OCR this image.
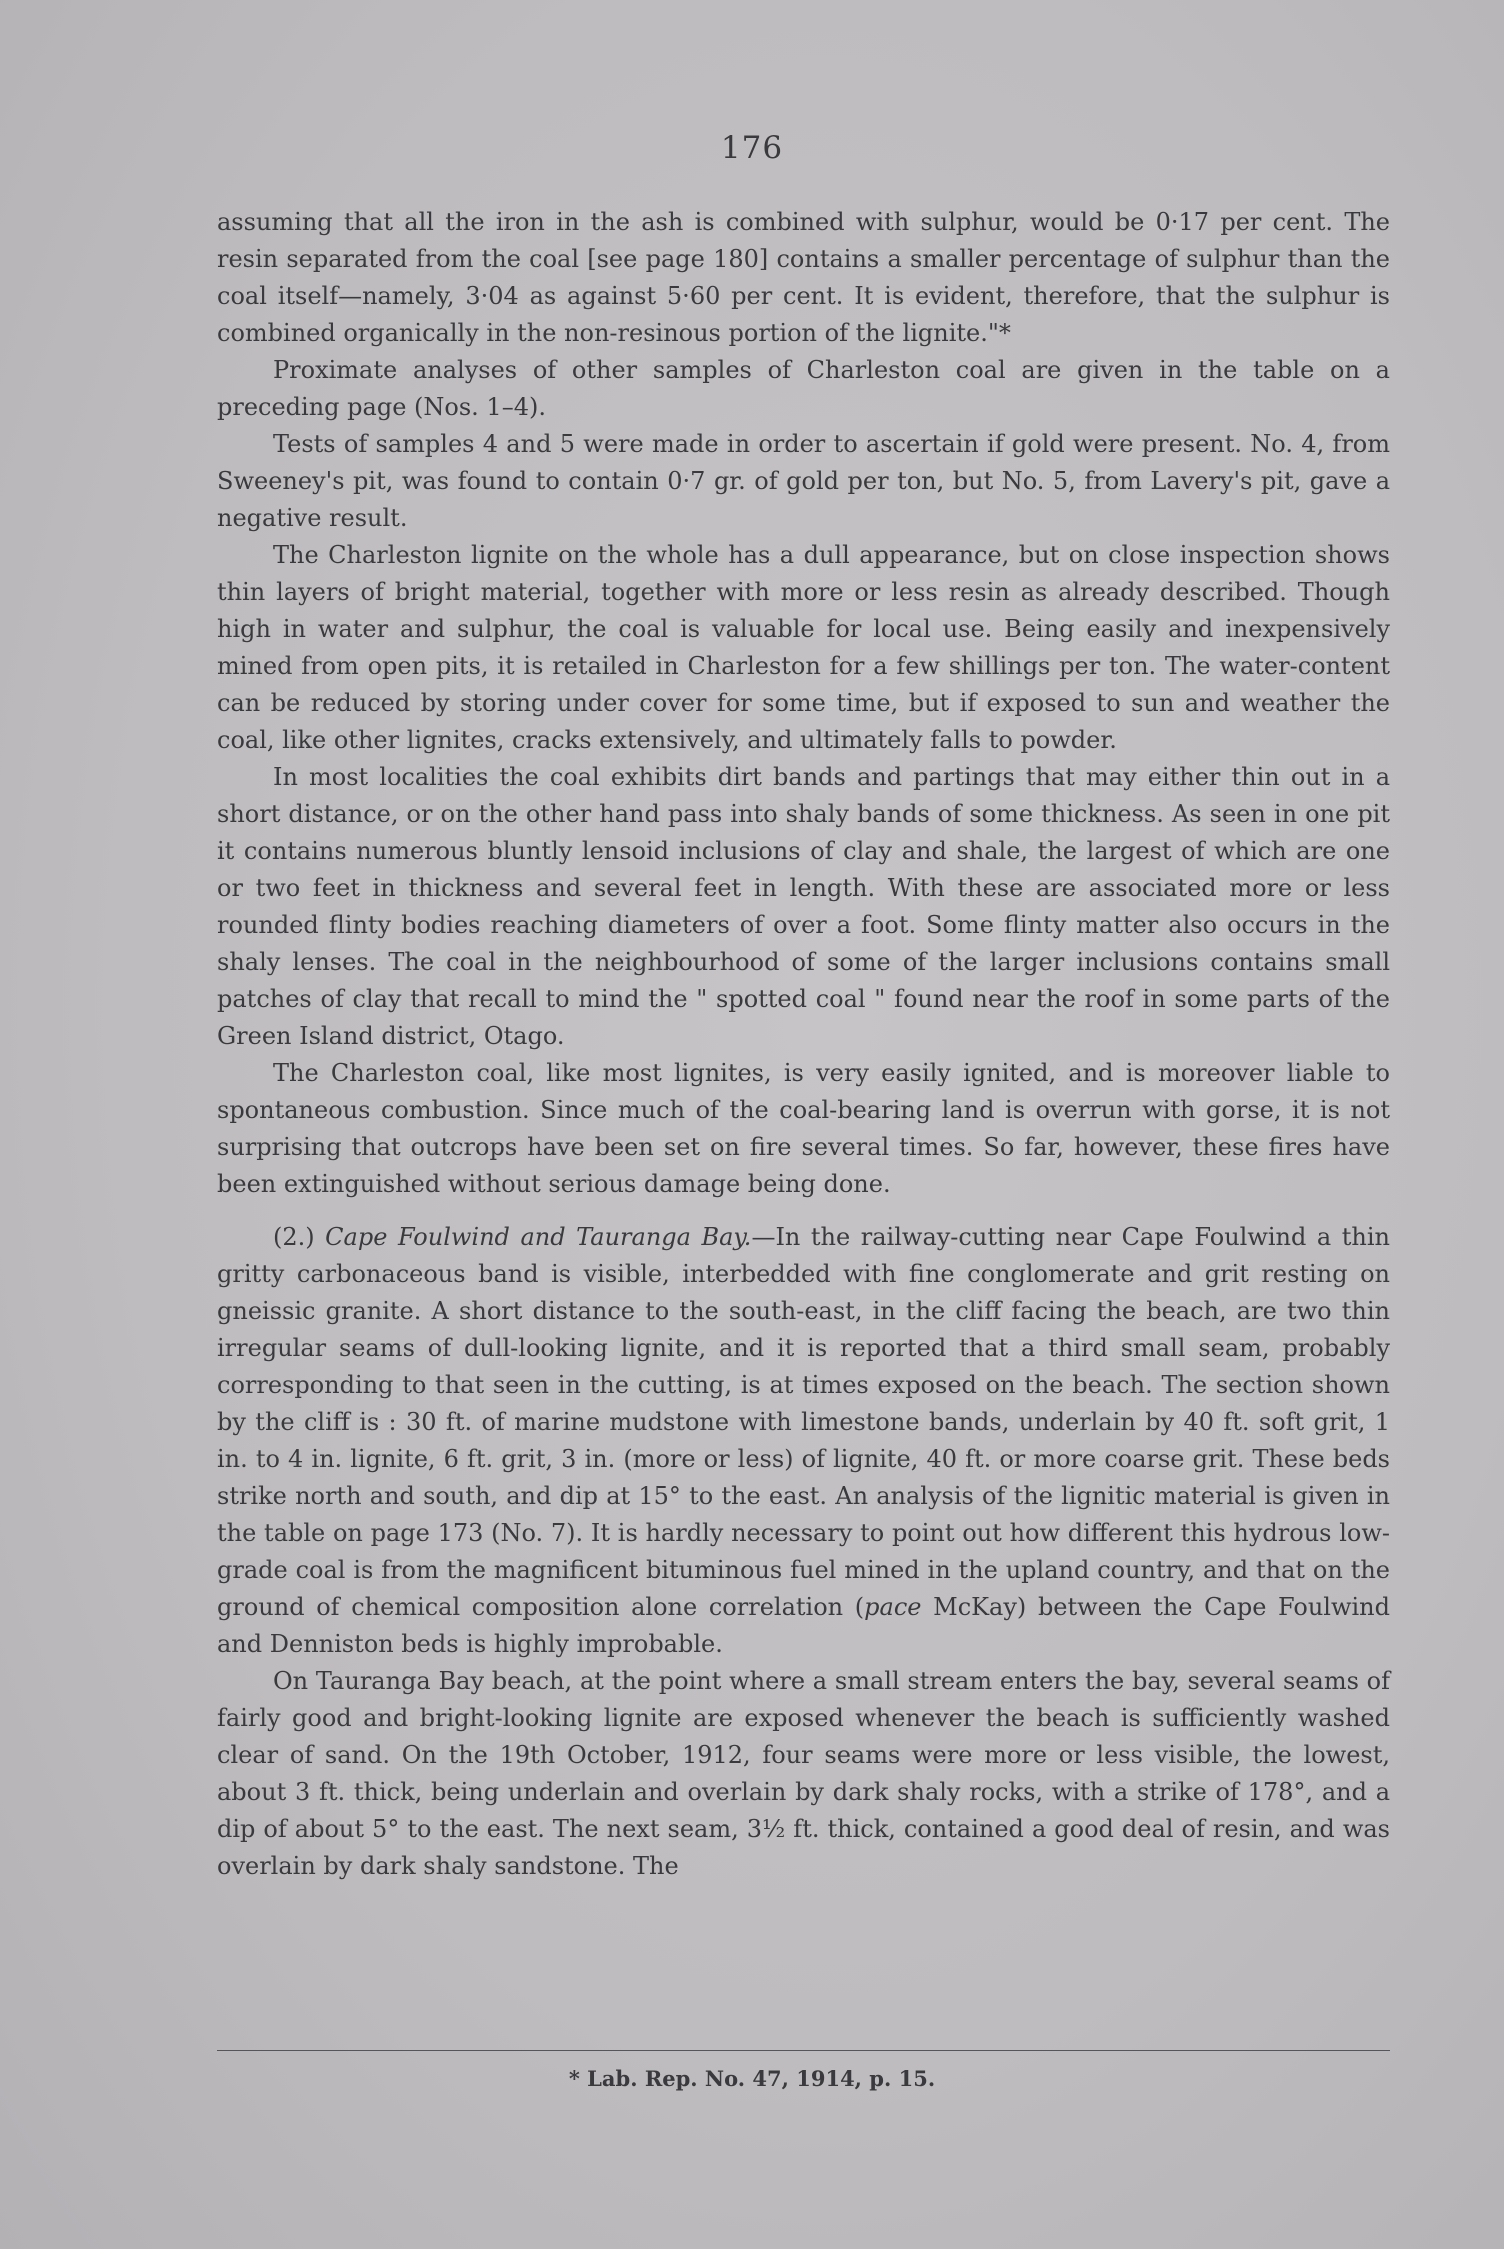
176

assuming that all the iron in the ash is combined with sulphur, would be 0·17 per cent. The resin separated from the coal [see page 180] contains a smaller percentage of sulphur than the coal itself—namely, 3·04 as against 5·60 per cent. It is evident, therefore, that the sulphur is combined organically in the non-resinous portion of the lignite."*

Proximate analyses of other samples of Charleston coal are given in the table on a preceding page (Nos. 1–4).

Tests of samples 4 and 5 were made in order to ascertain if gold were present. No. 4, from Sweeney's pit, was found to contain 0·7 gr. of gold per ton, but No. 5, from Lavery's pit, gave a negative result.

The Charleston lignite on the whole has a dull appearance, but on close inspection shows thin layers of bright material, together with more or less resin as already described. Though high in water and sulphur, the coal is valuable for local use. Being easily and inexpensively mined from open pits, it is retailed in Charleston for a few shillings per ton. The water-content can be reduced by storing under cover for some time, but if exposed to sun and weather the coal, like other lignites, cracks extensively, and ultimately falls to powder.

In most localities the coal exhibits dirt bands and partings that may either thin out in a short distance, or on the other hand pass into shaly bands of some thickness. As seen in one pit it contains numerous bluntly lensoid inclusions of clay and shale, the largest of which are one or two feet in thickness and several feet in length. With these are associated more or less rounded flinty bodies reaching diameters of over a foot. Some flinty matter also occurs in the shaly lenses. The coal in the neighbourhood of some of the larger inclusions contains small patches of clay that recall to mind the " spotted coal " found near the roof in some parts of the Green Island district, Otago.

The Charleston coal, like most lignites, is very easily ignited, and is moreover liable to spontaneous combustion. Since much of the coal-bearing land is overrun with gorse, it is not surprising that outcrops have been set on fire several times. So far, however, these fires have been extinguished without serious damage being done.

(2.) Cape Foulwind and Tauranga Bay.—In the railway-cutting near Cape Foulwind a thin gritty carbonaceous band is visible, interbedded with fine conglomerate and grit resting on gneissic granite. A short distance to the south-east, in the cliff facing the beach, are two thin irregular seams of dull-looking lignite, and it is reported that a third small seam, probably corresponding to that seen in the cutting, is at times exposed on the beach. The section shown by the cliff is : 30 ft. of marine mudstone with limestone bands, underlain by 40 ft. soft grit, 1 in. to 4 in. lignite, 6 ft. grit, 3 in. (more or less) of lignite, 40 ft. or more coarse grit. These beds strike north and south, and dip at 15° to the east. An analysis of the lignitic material is given in the table on page 173 (No. 7). It is hardly necessary to point out how different this hydrous low-grade coal is from the magnificent bituminous fuel mined in the upland country, and that on the ground of chemical composition alone correlation (pace McKay) between the Cape Foulwind and Denniston beds is highly improbable.

On Tauranga Bay beach, at the point where a small stream enters the bay, several seams of fairly good and bright-looking lignite are exposed whenever the beach is sufficiently washed clear of sand. On the 19th October, 1912, four seams were more or less visible, the lowest, about 3 ft. thick, being underlain and overlain by dark shaly rocks, with a strike of 178°, and a dip of about 5° to the east. The next seam, 3½ ft. thick, contained a good deal of resin, and was overlain by dark shaly sandstone. The

* Lab. Rep. No. 47, 1914, p. 15.
